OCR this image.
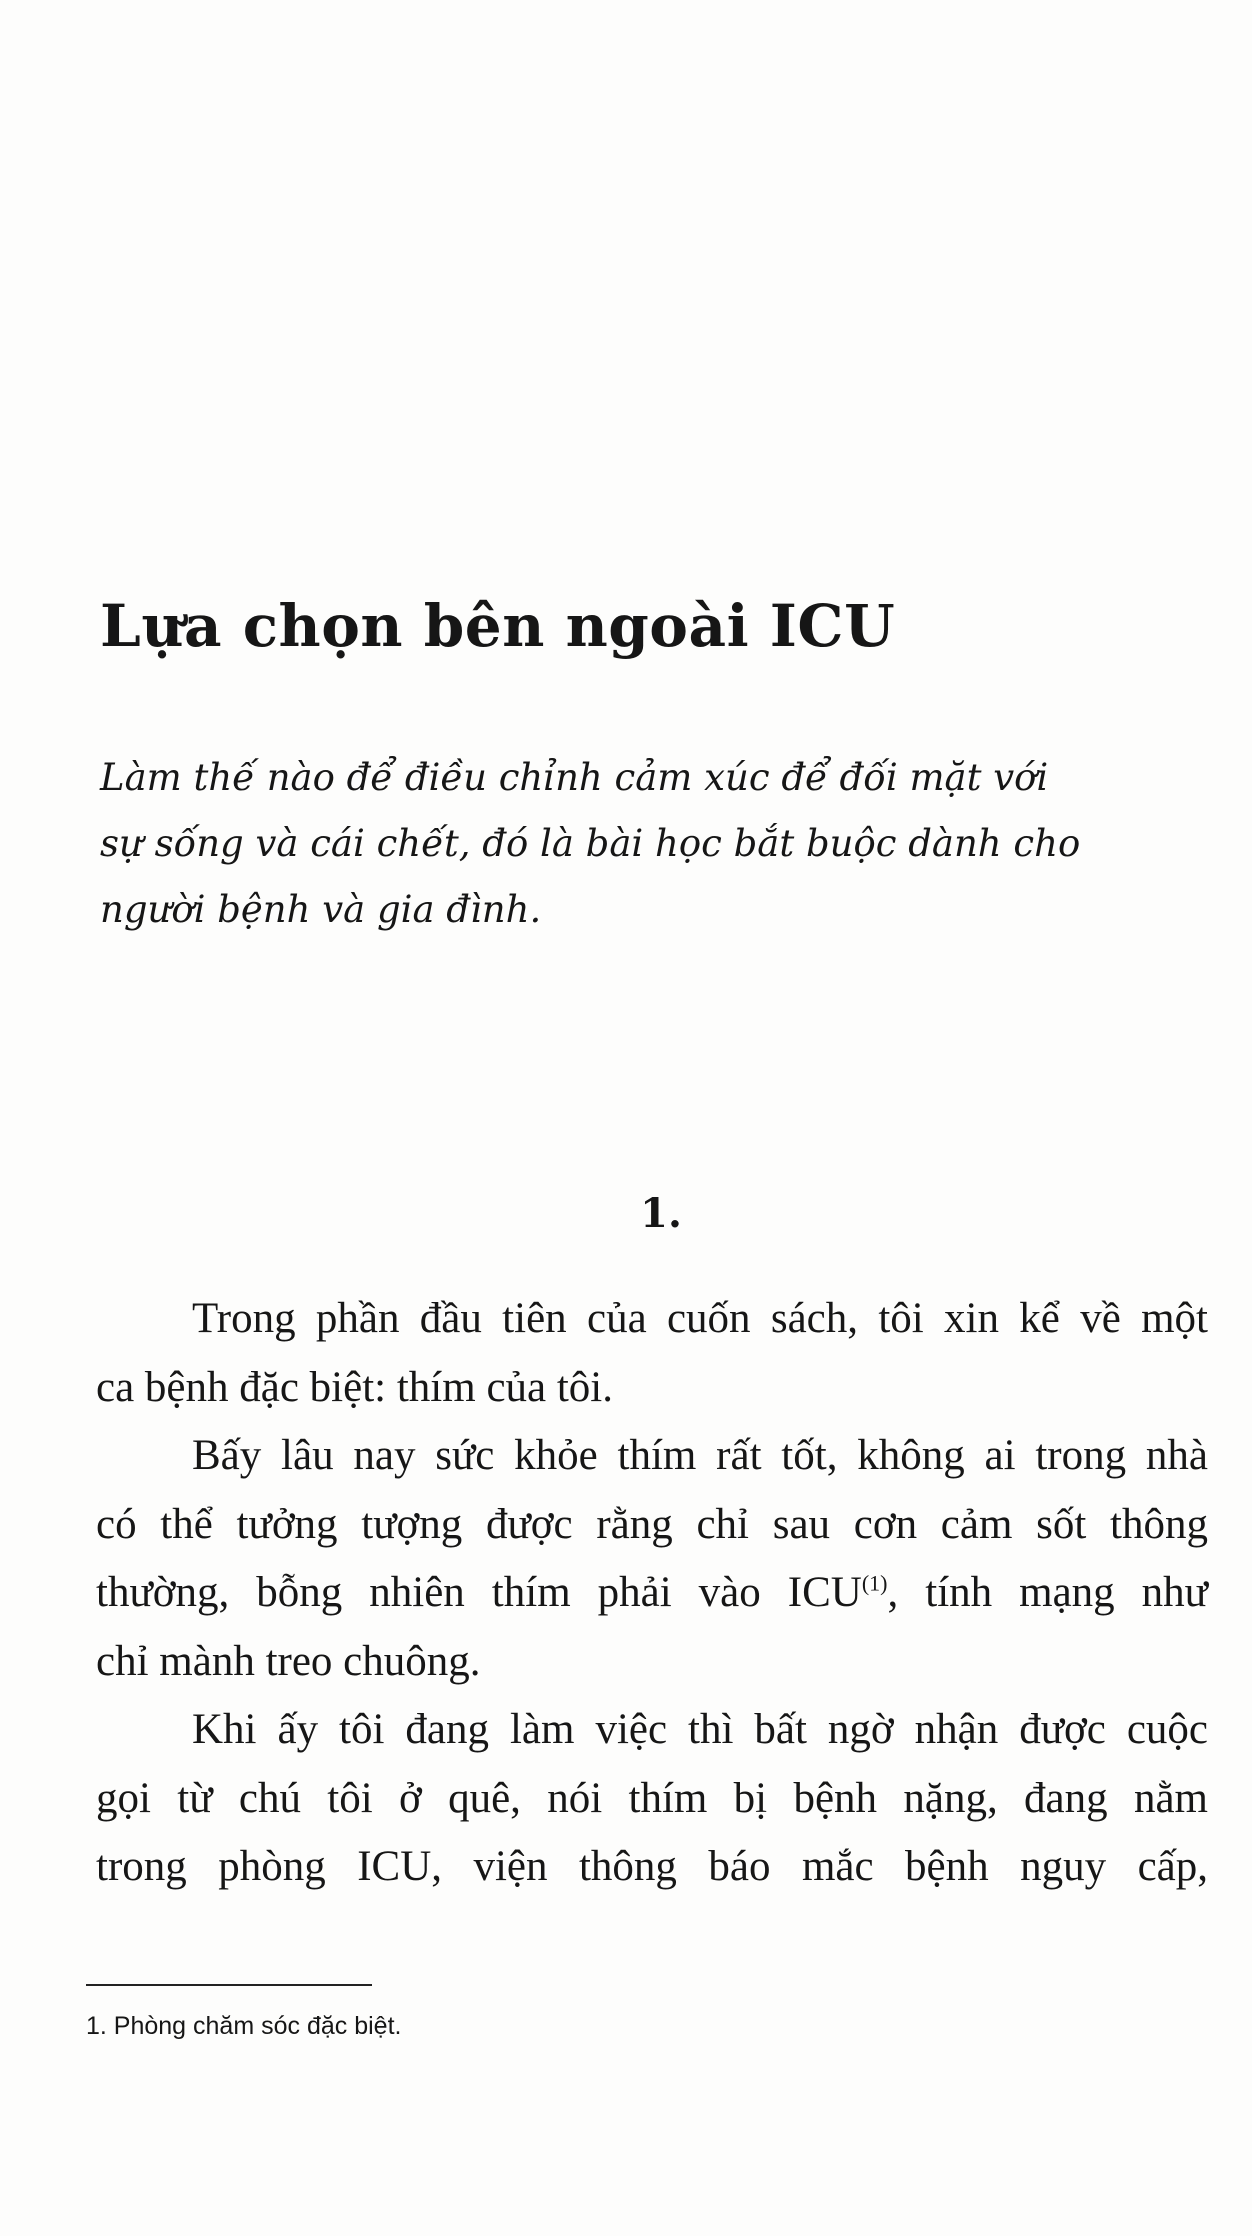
Lựa chọn bên ngoài ICU
Làm thế nào để điều chỉnh cảm xúc để đối mặt với
sự sống và cái chết, đó là bài học bắt buộc dành cho
người bệnh và gia đình.
1.
Trong phần đầu tiên của cuốn sách, tôi xin kể về một
ca bệnh đặc biệt: thím của tôi.
Bấy lâu nay sức khỏe thím rất tốt, không ai trong nhà
có thể tưởng tượng được rằng chỉ sau cơn cảm sốt thông
thường, bỗng nhiên thím phải vào ICU$^{(1)}$, tính mạng như
chỉ mành treo chuông.
Khi ấy tôi đang làm việc thì bất ngờ nhận được cuộc
gọi từ chú tôi ở quê, nói thím bị bệnh nặng, đang nằm
trong phòng ICU, viện thông báo mắc bệnh nguy cấp,
1. Phòng chăm sóc đặc biệt.
